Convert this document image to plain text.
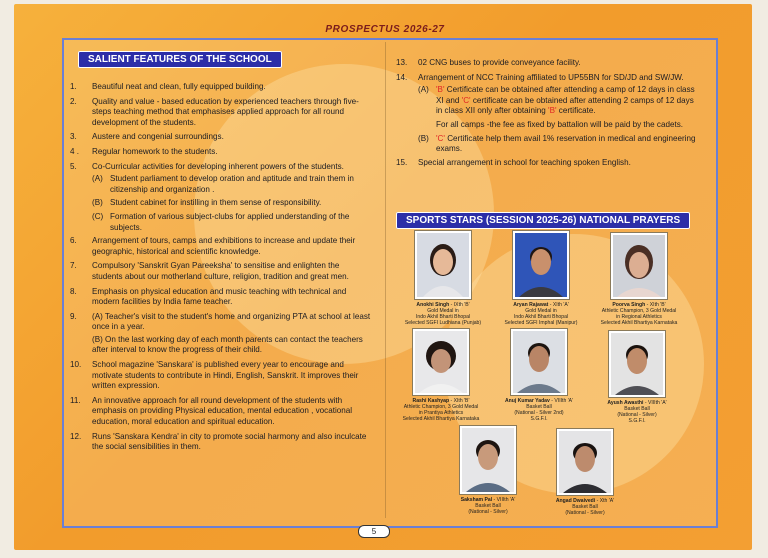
PROSPECTUS 2026-27
SALIENT FEATURES OF THE SCHOOL
1.	Beautiful neat and clean, fully equipped building.
2.	Quality and value - based education by experienced teachers through five-steps teaching method that emphasises applied approach for all round development of the students.
3.	Austere and congenial surroundings.
4 .	Regular homework to the students.
5.	Co-Curricular activities for developing inherent powers of the students.
(A) Student parliament to develop oration and aptitude and train them in citizenship and organization .
(B) Student cabinet for instilling in them sense of responsibility.
(C) Formation of various subject-clubs for applied understanding of the subjects.
6.	Arrangement of tours, camps and exhibitions to increase and update their geographic, historical and scientific knowledge.
7.	Compulsory 'Sanskrit Gyan Pareeksha' to sensitise and enlighten the students about our motherland culture, religion, tradition and great men.
8.	Emphasis on physical education and music teaching with technical and modern facilities by India fame teacher.
9.	(A) Teacher's visit to the student's home and organizing PTA at school at least once in a year.
(B) On the last working day of each month parents can contact the teachers after interval to know the progress of their child.
10.	School magazine 'Sanskara' is published every year to encourage and motivate students to contribute in Hindi, English, Sanskrit. It improves their written expression.
11.	An innovative approach for all round development of the students with emphasis on providing Physical education, mental education , vocational education, moral education and spiritual education.
12.	Runs 'Sanskara Kendra' in city to promote social harmony and also inculcate the social sensibilities in them.
13.	02 CNG buses to provide conveyance facility.
14.	Arrangement of NCC Training affiliated to UP55BN for SD/JD and SW/JW.
(A) 'B' Certificate can be obtained after attending a camp of 12 days in class XI and 'C' certificate can be obtained after attending 2 camps of 12 days in class XII only after obtaining 'B' certificate.
For all camps -the fee as fixed by battalion will be paid by the cadets.
(B) 'C' Certificate help them avail 1% reservation in medical and engineering exams.
15.	Special arrangement in school for teaching spoken English.
SPORTS STARS (SESSION 2025-26) NATIONAL PRAYERS
Anokhi Singh - IXth 'B'
Gold Medal in
Indo Akhil Bharti Bhopal
Selected SGFI Ludhiana (Punjab)
Aryan Rajawat - XIth 'A'
Gold Medal in
Indo Akhil Bharti Bhopal
Selected SGFI Imphal (Manipur)
Poorva Singh - XIth 'B'
Athletic Champion, 3 Gold Medal
in Regional Athletics
Selected Akhil Bhartiya Karnataka
Rashi Kashyap - XIth 'B'
Athletic Champion, 3 Gold Medal
in Prantiya Athletics
Selected Akhil Bhartiya Karnataka
Anuj Kumar Yadav - VIIIth 'A'
Basket Ball
(National - Silver 2nd)
S.G.F.I.
Ayush Awasthi - VIIIth 'A'
Basket Ball
(National - Silver)
S.G.F.I.
Saksham Pal - VIIIth 'A'
Basket Ball
(National - Silver)
Angad Dwaivedi - Xth 'A'
Basket Ball
(National - Silver)
5
